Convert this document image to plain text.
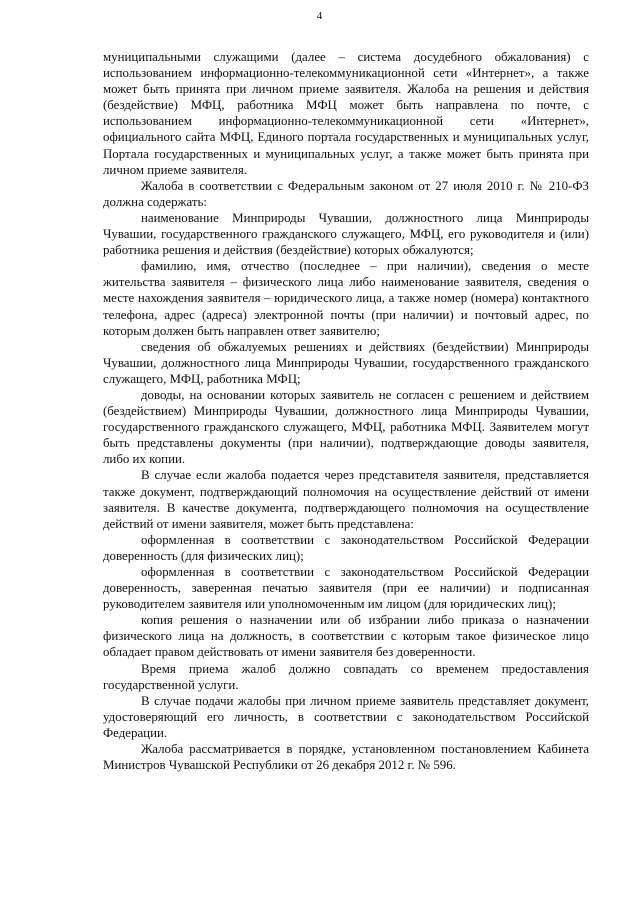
4

муниципальными служащими (далее – система досудебного обжалования) с использованием информационно-телекоммуникационной сети «Интернет», а также может быть принята при личном приеме заявителя. Жалоба на решения и действия (бездействие) МФЦ, работника МФЦ может быть направлена по почте, с использованием информационно-телекоммуникационной сети «Интернет», официального сайта МФЦ, Единого портала государственных и муниципальных услуг, Портала государственных и муниципальных услуг, а также может быть принята при личном приеме заявителя.

Жалоба в соответствии с Федеральным законом от 27 июля 2010 г. № 210-ФЗ должна содержать:

наименование Минприроды Чувашии, должностного лица Минприроды Чувашии, государственного гражданского служащего, МФЦ, его руководителя и (или) работника решения и действия (бездействие) которых обжалуются;

фамилию, имя, отчество (последнее – при наличии), сведения о месте жительства заявителя – физического лица либо наименование заявителя, сведения о месте нахождения заявителя – юридического лица, а также номер (номера) контактного телефона, адрес (адреса) электронной почты (при наличии) и почтовый адрес, по которым должен быть направлен ответ заявителю;

сведения об обжалуемых решениях и действиях (бездействии) Минприроды Чувашии, должностного лица Минприроды Чувашии, государственного гражданского служащего, МФЦ, работника МФЦ;

доводы, на основании которых заявитель не согласен с решением и действием (бездействием) Минприроды Чувашии, должностного лица Минприроды Чувашии, государственного гражданского служащего, МФЦ, работника МФЦ. Заявителем могут быть представлены документы (при наличии), подтверждающие доводы заявителя, либо их копии.

В случае если жалоба подается через представителя заявителя, представляется также документ, подтверждающий полномочия на осуществление действий от имени заявителя. В качестве документа, подтверждающего полномочия на осуществление действий от имени заявителя, может быть представлена:

оформленная в соответствии с законодательством Российской Федерации доверенность (для физических лиц);

оформленная в соответствии с законодательством Российской Федерации доверенность, заверенная печатью заявителя (при ее наличии) и подписанная руководителем заявителя или уполномоченным им лицом (для юридических лиц);

копия решения о назначении или об избрании либо приказа о назначении физического лица на должность, в соответствии с которым такое физическое лицо обладает правом действовать от имени заявителя без доверенности.

Время приема жалоб должно совпадать со временем предоставления государственной услуги.

В случае подачи жалобы при личном приеме заявитель представляет документ, удостоверяющий его личность, в соответствии с законодательством Российской Федерации.

Жалоба рассматривается в порядке, установленном постановлением Кабинета Министров Чувашской Республики от 26 декабря 2012 г. № 596.
